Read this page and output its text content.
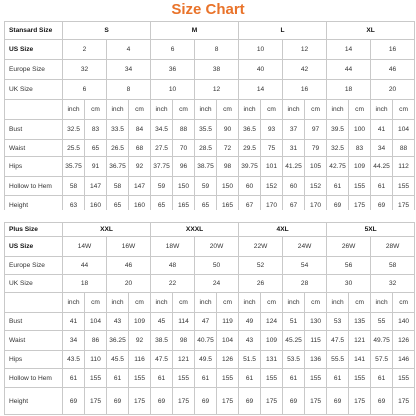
Size Chart
Stansard Size	S				M				L				XL			
US Size	2		4		6		8		10		12		14		16	
Europe Size	32		34		36		38		40		42		44		46	
UK Size	6		8		10		12		14		16		18		20	
	inch	cm	inch	cm	inch	cm	inch	cm	inch	cm	inch	cm	inch	cm	inch	cm
Bust	32.5	83	33.5	84	34.5	88	35.5	90	36.5	93	37	97	39.5	100	41	104
Waist	25.5	65	26.5	68	27.5	70	28.5	72	29.5	75	31	79	32.5	83	34	88
Hips	35.75	91	36.75	92	37.75	96	38.75	98	39.75	101	41.25	105	42.75	109	44.25	112
Hollow to Hem	58	147	58	147	59	150	59	150	60	152	60	152	61	155	61	155
Height	63	160	65	160	65	165	65	165	67	170	67	170	69	175	69	175
Plus Size	XXL				XXXL				4XL				5XL			
US Size	14W		16W		18W		20W		22W		24W		26W		28W	
Europe Size	44		46		48		50		52		54		56		58	
UK Size	18		20		22		24		26		28		30		32	
	inch	cm	inch	cm	inch	cm	inch	cm	inch	cm	inch	cm	inch	cm	inch	cm
Bust	41	104	43	109	45	114	47	119	49	124	51	130	53	135	55	140
Waist	34	86	36.25	92	38.5	98	40.75	104	43	109	45.25	115	47.5	121	49.75	126
Hips	43.5	110	45.5	116	47.5	121	49.5	126	51.5	131	53.5	136	55.5	141	57.5	146
Hollow to Hem	61	155	61	155	61	155	61	155	61	155	61	155	61	155	61	155
Height	69	175	69	175	69	175	69	175	69	175	69	175	69	175	69	175
